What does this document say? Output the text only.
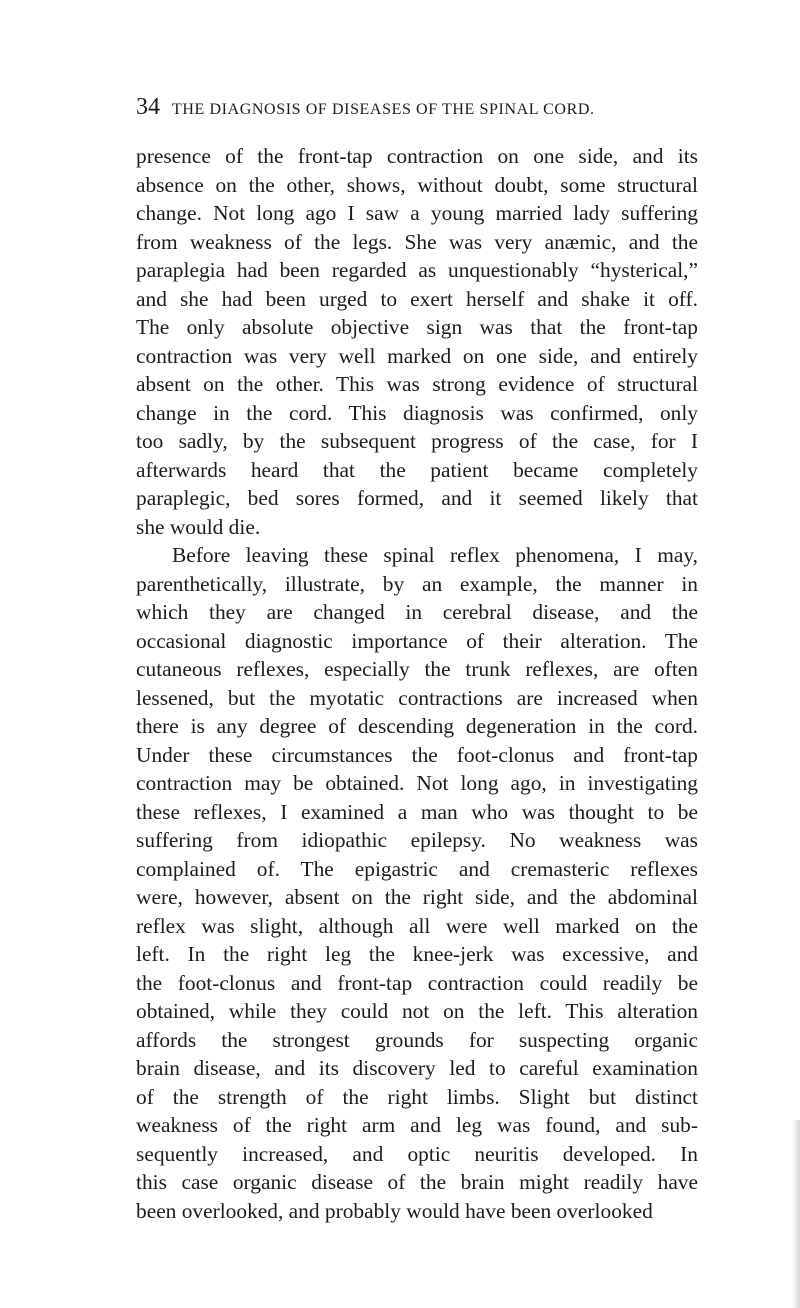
34 THE DIAGNOSIS OF DISEASES OF THE SPINAL CORD.

presence of the front-tap contraction on one side, and its

absence on the other, shows, without doubt, some structural

change. Not long ago I saw a young married lady suffering

from weakness of the legs. She was very anæmic, and the

paraplegia had been regarded as unquestionably “hysterical,”

and she had been urged to exert herself and shake it off.

The only absolute objective sign was that the front-tap

contraction was very well marked on one side, and entirely

absent on the other. This was strong evidence of structural

change in the cord. This diagnosis was confirmed, only

too sadly, by the subsequent progress of the case, for I

afterwards heard that the patient became completely

paraplegic, bed sores formed, and it seemed likely that

she would die.

Before leaving these spinal reflex phenomena, I may,

parenthetically, illustrate, by an example, the manner in

which they are changed in cerebral disease, and the

occasional diagnostic importance of their alteration. The

cutaneous reflexes, especially the trunk reflexes, are often

lessened, but the myotatic contractions are increased when

there is any degree of descending degeneration in the cord.

Under these circumstances the foot-clonus and front-tap

contraction may be obtained. Not long ago, in investigating

these reflexes, I examined a man who was thought to be

suffering from idiopathic epilepsy. No weakness was

complained of. The epigastric and cremasteric reflexes

were, however, absent on the right side, and the abdominal

reflex was slight, although all were well marked on the

left. In the right leg the knee-jerk was excessive, and

the foot-clonus and front-tap contraction could readily be

obtained, while they could not on the left. This alteration

affords the strongest grounds for suspecting organic

brain disease, and its discovery led to careful examination

of the strength of the right limbs. Slight but distinct

weakness of the right arm and leg was found, and sub-

sequently increased, and optic neuritis developed. In

this case organic disease of the brain might readily have

been overlooked, and probably would have been overlooked
